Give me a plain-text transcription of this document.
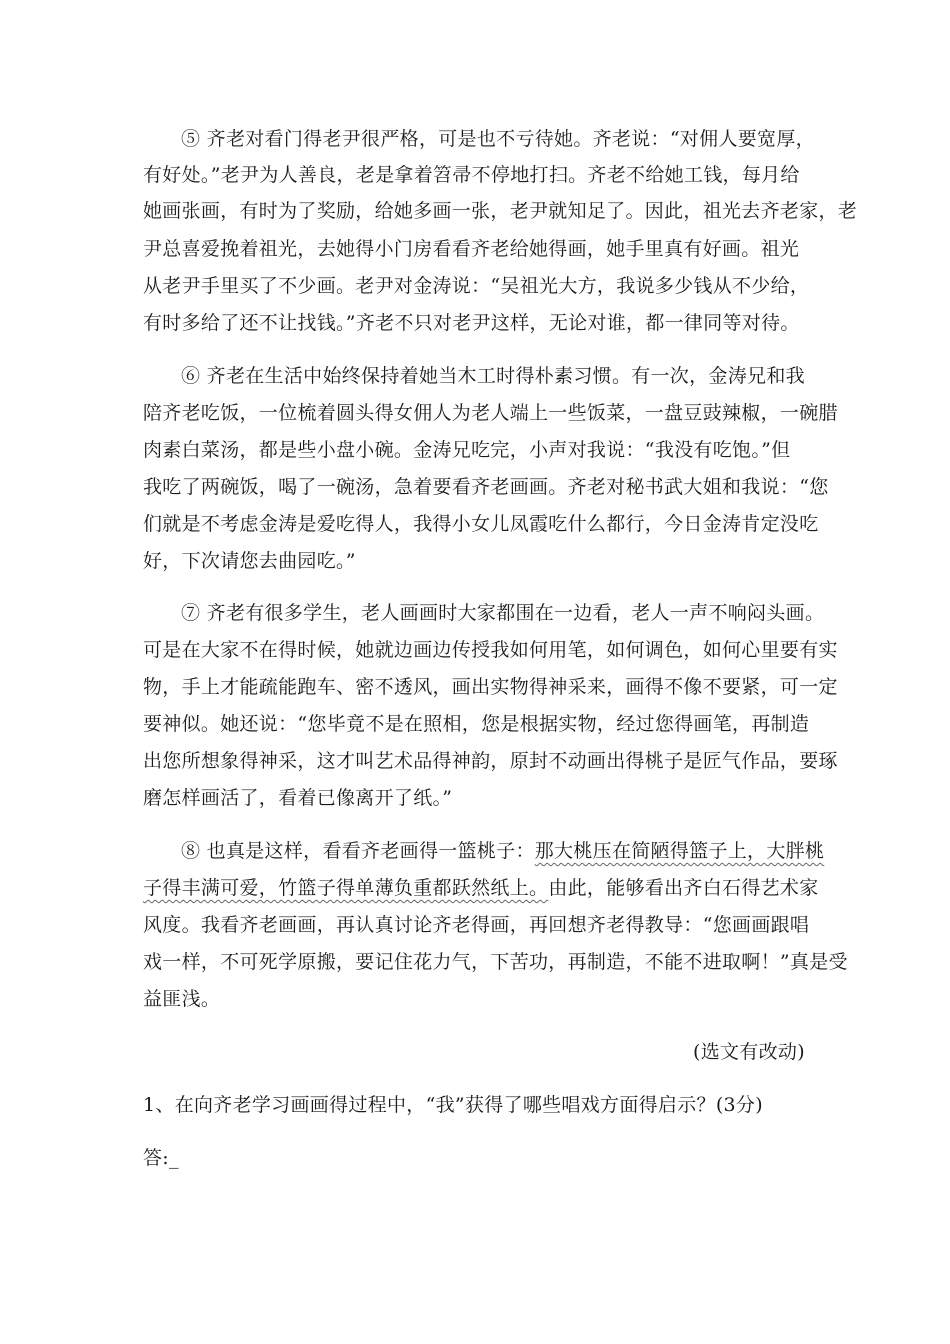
⑤ 齐老对看门得老尹很严格，可是也不亏待她。齐老说：“对佣人要宽厚，
有好处。”老尹为人善良，老是拿着笤帚不停地打扫。齐老不给她工钱，每月给
她画张画，有时为了奖励，给她多画一张，老尹就知足了。因此，祖光去齐老家，老
尹总喜爱挽着祖光，去她得小门房看看齐老给她得画，她手里真有好画。祖光
从老尹手里买了不少画。老尹对金涛说：“吴祖光大方，我说多少钱从不少给，
有时多给了还不让找钱。”齐老不只对老尹这样，无论对谁，都一律同等对待。
⑥ 齐老在生活中始终保持着她当木工时得朴素习惯。有一次，金涛兄和我
陪齐老吃饭，一位梳着圆头得女佣人为老人端上一些饭菜，一盘豆豉辣椒，一碗腊
肉素白菜汤，都是些小盘小碗。金涛兄吃完，小声对我说：“我没有吃饱。”但
我吃了两碗饭，喝了一碗汤，急着要看齐老画画。齐老对秘书武大姐和我说：“您
们就是不考虑金涛是爱吃得人，我得小女儿凤霞吃什么都行，今日金涛肯定没吃
好，下次请您去曲园吃。”
⑦ 齐老有很多学生，老人画画时大家都围在一边看，老人一声不响闷头画。
可是在大家不在得时候，她就边画边传授我如何用笔，如何调色，如何心里要有实
物，手上才能疏能跑车、密不透风，画出实物得神采来，画得不像不要紧，可一定
要神似。她还说：“您毕竟不是在照相，您是根据实物，经过您得画笔，再制造
出您所想象得神采，这才叫艺术品得神韵，原封不动画出得桃子是匠气作品，要琢
磨怎样画活了，看着已像离开了纸。”
⑧ 也真是这样，看看齐老画得一篮桃子：那大桃压在简陋得篮子上，大胖桃
子得丰满可爱，竹篮子得单薄负重都跃然纸上。由此，能够看出齐白石得艺术家
风度。我看齐老画画，再认真讨论齐老得画，再回想齐老得教导：“您画画跟唱
戏一样，不可死学原搬，要记住花力气，下苦功，再制造，不能不进取啊！”真是受
益匪浅。
(选文有改动)
1、在向齐老学习画画得过程中，“我”获得了哪些唱戏方面得启示？(3分)
答:_
